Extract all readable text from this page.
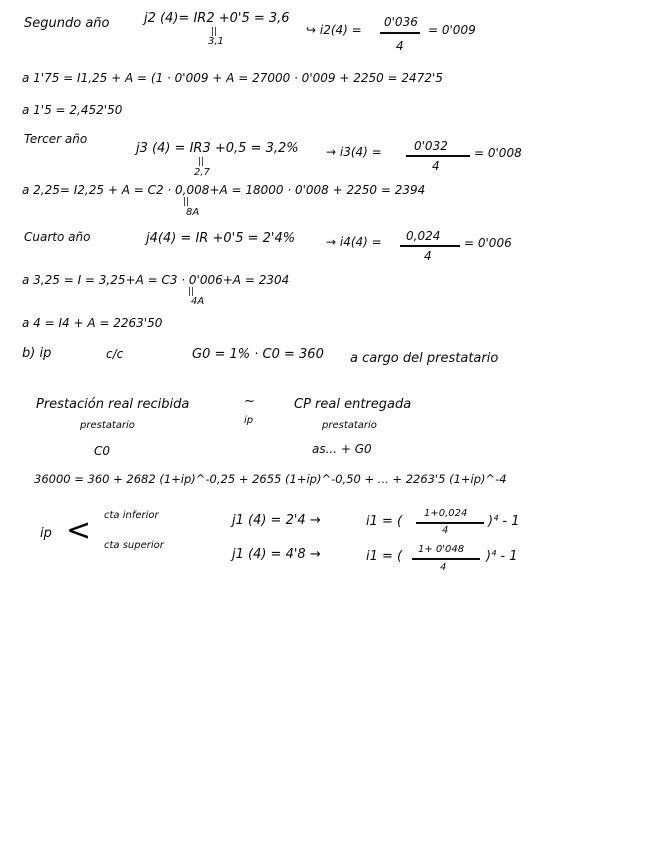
Segundo año	j2 (4)= IR2 +0'5 = 3,6
||
3,1
↪ i2(4) =
0'036
4
= 0'009
a 1'75 = I1,25 + A = (1 · 0'009 + A = 27000 · 0'009 + 2250 = 2472'5
a 1'5 = 2,452'50
Tercer año
j3 (4) = IR3 +0,5 = 3,2%
||
2,7
→ i3(4) =	0'032
4
= 0'008
a 2,25= I2,25 + A = C2 · 0,008+A = 18000 · 0'008 + 2250 = 2394
||
8A
Cuarto año	j4(4) = IR +0'5 = 2'4%	→ i4(4) = 0,024
4
= 0'006
a 3,25 = I = 3,25+A = C3 · 0'006+A = 2304
||
4A
a 4 = I4 + A = 2263'50
b) ip	c/c	G0 = 1% · C0 = 360 a cargo del prestatario
Prestación real recibida
prestatario
C0
~
ip
CP real entregada
prestatario
as... + G0
36000 = 360 + 2682 (1+ip)^-0,25 + 2655 (1+ip)^-0,50 + ... + 2263'5 (1+ip)^-4
ip < cta inferior
cta superior
j1 (4) = 2'4 →	i1 = (
1+0,024
4
)⁴ - 1
j1 (4) = 4'8 →	i1 = ( 1+ 0'048
4
)⁴ - 1
